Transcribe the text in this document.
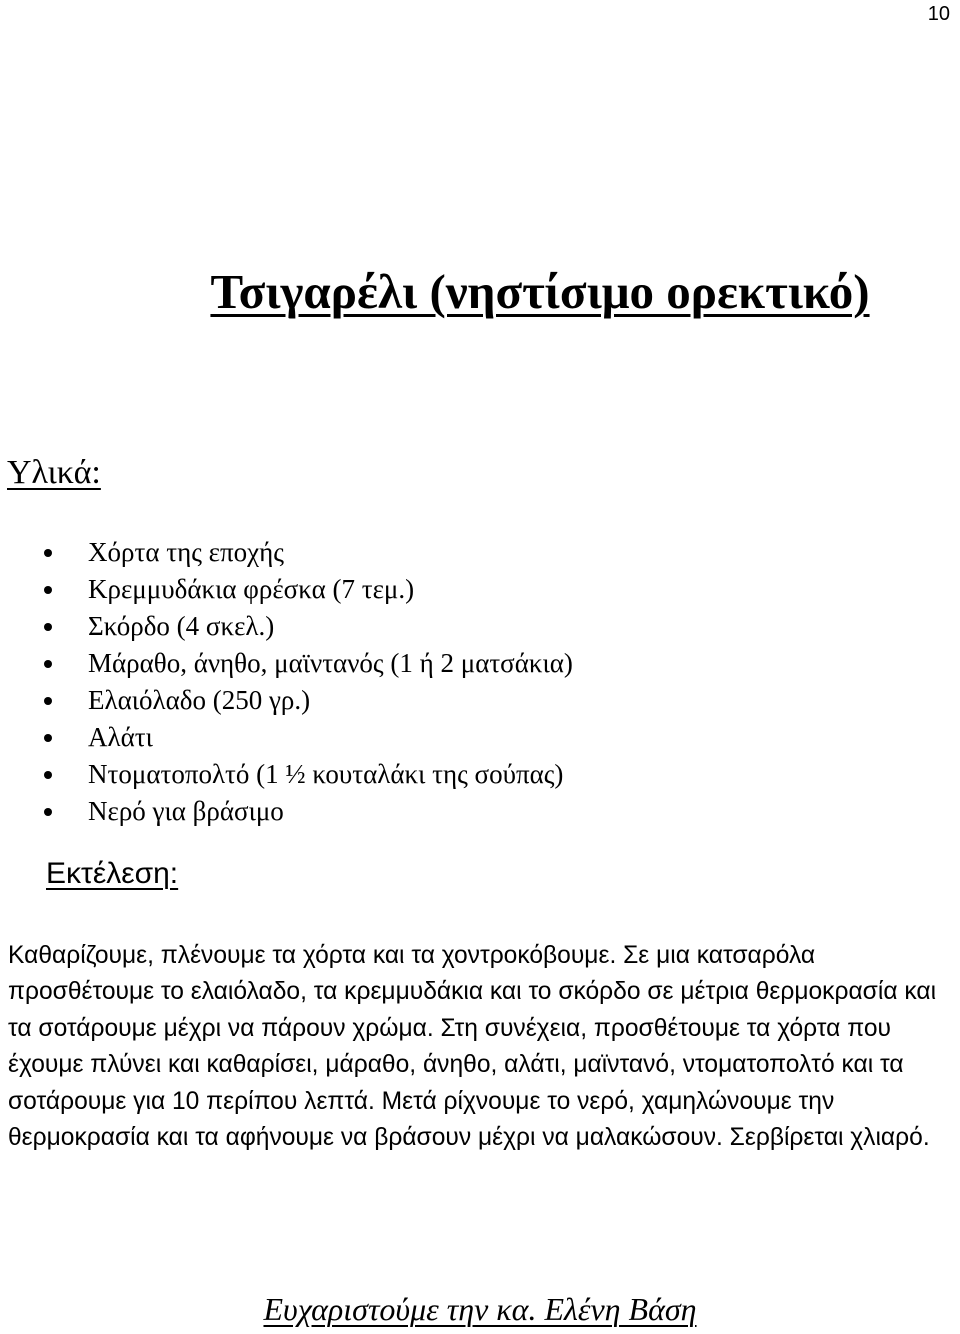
10
Τσιγαρέλι (νηστίσιμο ορεκτικό)
Υλικά:
Χόρτα της εποχής
Κρεμμυδάκια φρέσκα (7 τεμ.)
Σκόρδο (4 σκελ.)
Μάραθο, άνηθο, μαϊντανός (1 ή 2 ματσάκια)
Ελαιόλαδο (250 γρ.)
Αλάτι
Ντοματοπολτό (1 ½ κουταλάκι της σούπας)
Νερό για βράσιμο
Εκτέλεση:

Καθαρίζουμε, πλένουμε τα χόρτα και τα χοντροκόβουμε. Σε μια κατσαρόλα προσθέτουμε το ελαιόλαδο, τα κρεμμυδάκια και το σκόρδο σε μέτρια θερμοκρασία και τα σοτάρουμε μέχρι να πάρουν χρώμα. Στη συνέχεια, προσθέτουμε τα χόρτα που έχουμε πλύνει και καθαρίσει, μάραθο, άνηθο, αλάτι, μαϊντανό, ντοματοπολτό και τα σοτάρουμε για 10 περίπου λεπτά. Μετά ρίχνουμε το νερό, χαμηλώνουμε την θερμοκρασία και τα αφήνουμε να βράσουν μέχρι να μαλακώσουν. Σερβίρεται χλιαρό.

Ευχαριστούμε την κα. Ελένη Βάση
